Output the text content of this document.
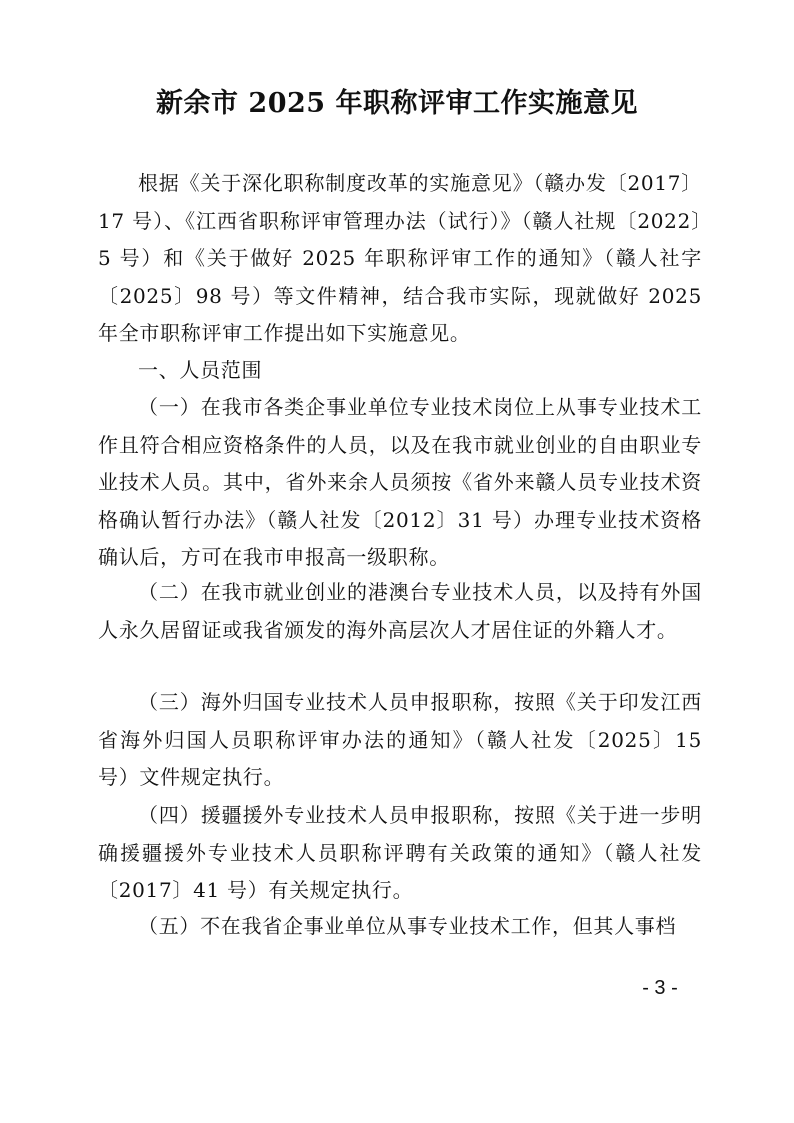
新余市 2025 年职称评审工作实施意见

根据《关于深化职称制度改革的实施意见》（赣办发〔2017〕17 号）、《江西省职称评审管理办法（试行）》（赣人社规〔2022〕5 号）和《关于做好 2025 年职称评审工作的通知》（赣人社字〔2025〕98 号）等文件精神，结合我市实际，现就做好 2025 年全市职称评审工作提出如下实施意见。

一、人员范围

（一）在我市各类企事业单位专业技术岗位上从事专业技术工作且符合相应资格条件的人员，以及在我市就业创业的自由职业专业技术人员。其中，省外来余人员须按《省外来赣人员专业技术资格确认暂行办法》（赣人社发〔2012〕31 号）办理专业技术资格确认后，方可在我市申报高一级职称。

（二）在我市就业创业的港澳台专业技术人员，以及持有外国人永久居留证或我省颁发的海外高层次人才居住证的外籍人才。

（三）海外归国专业技术人员申报职称，按照《关于印发江西省海外归国人员职称评审办法的通知》（赣人社发〔2025〕15 号）文件规定执行。

（四）援疆援外专业技术人员申报职称，按照《关于进一步明确援疆援外专业技术人员职称评聘有关政策的通知》（赣人社发〔2017〕41 号）有关规定执行。

（五）不在我省企事业单位从事专业技术工作，但其人事档

- 3 -
